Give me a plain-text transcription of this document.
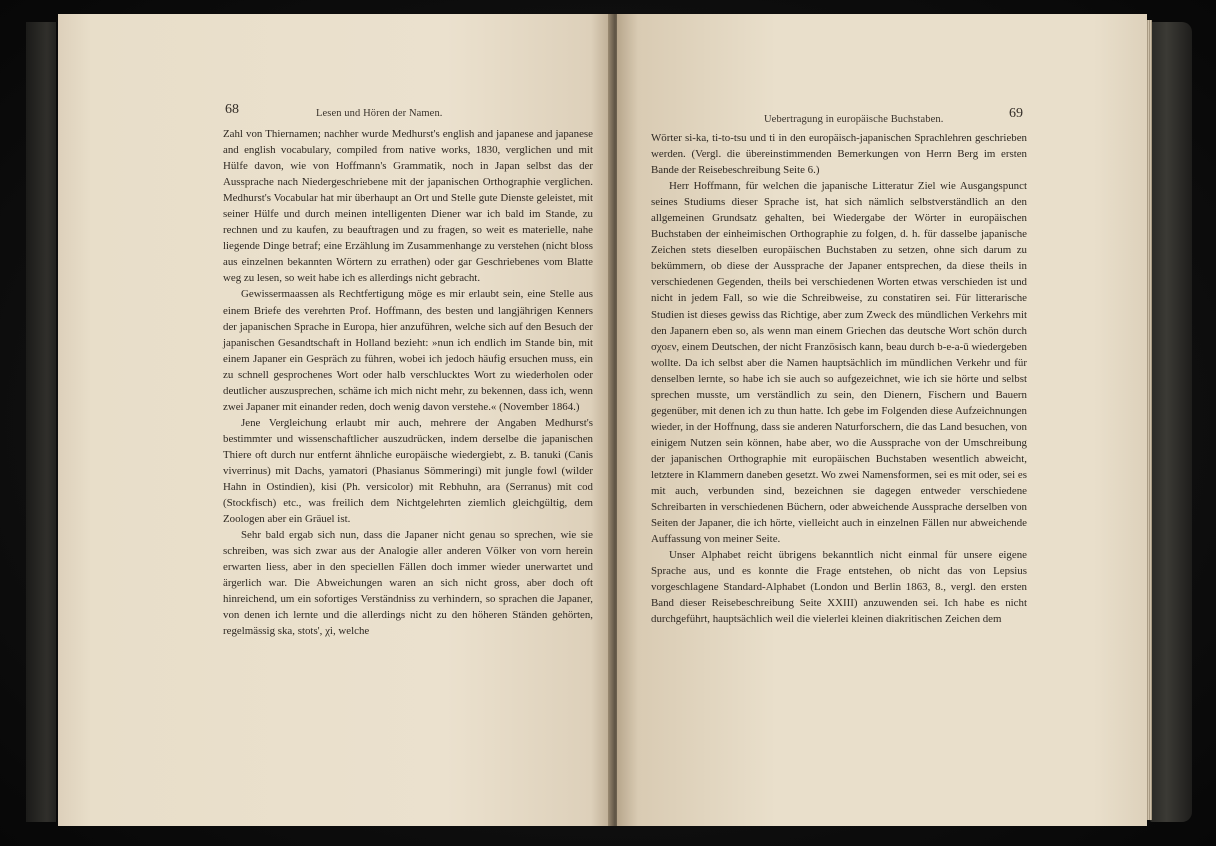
68	Lesen und Hören der Namen.

Zahl von Thiernamen; nachher wurde Medhurst's english and japanese and japanese and english vocabulary, compiled from native works, 1830, verglichen und mit Hülfe davon, wie von Hoffmann's Grammatik, noch in Japan selbst das der Aussprache nach Niedergeschriebene mit der japanischen Orthographie verglichen. Medhurst's Vocabular hat mir überhaupt an Ort und Stelle gute Dienste geleistet, mit seiner Hülfe und durch meinen intelligenten Diener war ich bald im Stande, zu rechnen und zu kaufen, zu beauftragen und zu fragen, so weit es materielle, nahe liegende Dinge betraf; eine Erzählung im Zusammenhange zu verstehen (nicht bloss aus einzelnen bekannten Wörtern zu errathen) oder gar Geschriebenes vom Blatte weg zu lesen, so weit habe ich es allerdings nicht gebracht.

Gewissermaassen als Rechtfertigung möge es mir erlaubt sein, eine Stelle aus einem Briefe des verehrten Prof. Hoffmann, des besten und langjährigen Kenners der japanischen Sprache in Europa, hier anzuführen, welche sich auf den Besuch der japanischen Gesandtschaft in Holland bezieht: »nun ich endlich im Stande bin, mit einem Japaner ein Gespräch zu führen, wobei ich jedoch häufig ersuchen muss, ein zu schnell gesprochenes Wort oder halb verschlucktes Wort zu wiederholen oder deutlicher auszusprechen, schäme ich mich nicht mehr, zu bekennen, dass ich, wenn zwei Japaner mit einander reden, doch wenig davon verstehe.« (November 1864.)

Jene Vergleichung erlaubt mir auch, mehrere der Angaben Medhurst's bestimmter und wissenschaftlicher auszudrücken, indem derselbe die japanischen Thiere oft durch nur entfernt ähnliche europäische wiedergiebt, z. B. tanuki (Canis viverrinus) mit Dachs, yamatori (Phasianus Sömmeringi) mit jungle fowl (wilder Hahn in Ostindien), kisi (Ph. versicolor) mit Rebhuhn, ara (Serranus) mit cod (Stockfisch) etc., was freilich dem Nichtgelehrten ziemlich gleichgültig, dem Zoologen aber ein Gräuel ist.

Sehr bald ergab sich nun, dass die Japaner nicht genau so sprechen, wie sie schreiben, was sich zwar aus der Analogie aller anderen Völker von vorn herein erwarten liess, aber in den speciellen Fällen doch immer wieder unerwartet und ärgerlich war. Die Abweichungen waren an sich nicht gross, aber doch oft hinreichend, um ein sofortiges Verständniss zu verhindern, so sprachen die Japaner, von denen ich lernte und die allerdings nicht zu den höheren Ständen gehörten, regelmässig ska, stots', χi, welche

Uebertragung in europäische Buchstaben.	69

Wörter si-ka, ti-to-tsu und ti in den europäisch-japanischen Sprachlehren geschrieben werden. (Vergl. die übereinstimmenden Bemerkungen von Herrn Berg im ersten Bande der Reisebeschreibung Seite 6.)

Herr Hoffmann, für welchen die japanische Litteratur Ziel wie Ausgangspunct seines Studiums dieser Sprache ist, hat sich nämlich selbstverständlich an den allgemeinen Grundsatz gehalten, bei Wiedergabe der Wörter in europäischen Buchstaben der einheimischen Orthographie zu folgen, d. h. für dasselbe japanische Zeichen stets dieselben europäischen Buchstaben zu setzen, ohne sich darum zu bekümmern, ob diese der Aussprache der Japaner entsprechen, da diese theils in verschiedenen Gegenden, theils bei verschiedenen Worten etwas verschieden ist und nicht in jedem Fall, so wie die Schreibweise, zu constatiren sei. Für litterarische Studien ist dieses gewiss das Richtige, aber zum Zweck des mündlichen Verkehrs mit den Japanern eben so, als wenn man einem Griechen das deutsche Wort schön durch σχοεν, einem Deutschen, der nicht Französisch kann, beau durch b-e-a-ū wiedergeben wollte. Da ich selbst aber die Namen hauptsächlich im mündlichen Verkehr und für denselben lernte, so habe ich sie auch so aufgezeichnet, wie ich sie hörte und selbst sprechen musste, um verständlich zu sein, den Dienern, Fischern und Bauern gegenüber, mit denen ich zu thun hatte. Ich gebe im Folgenden diese Aufzeichnungen wieder, in der Hoffnung, dass sie anderen Naturforschern, die das Land besuchen, von einigem Nutzen sein können, habe aber, wo die Aussprache von der Umschreibung der japanischen Orthographie mit europäischen Buchstaben wesentlich abweicht, letztere in Klammern daneben gesetzt. Wo zwei Namensformen, sei es mit oder, sei es mit auch, verbunden sind, bezeichnen sie dagegen entweder verschiedene Schreibarten in verschiedenen Büchern, oder abweichende Aussprache derselben von Seiten der Japaner, die ich hörte, vielleicht auch in einzelnen Fällen nur abweichende Auffassung von meiner Seite.

Unser Alphabet reicht übrigens bekanntlich nicht einmal für unsere eigene Sprache aus, und es konnte die Frage entstehen, ob nicht das von Lepsius vorgeschlagene Standard-Alphabet (London und Berlin 1863, 8., vergl. den ersten Band dieser Reisebeschreibung Seite XXIII) anzuwenden sei. Ich habe es nicht durchgeführt, hauptsächlich weil die vielerlei kleinen diakritischen Zeichen dem
